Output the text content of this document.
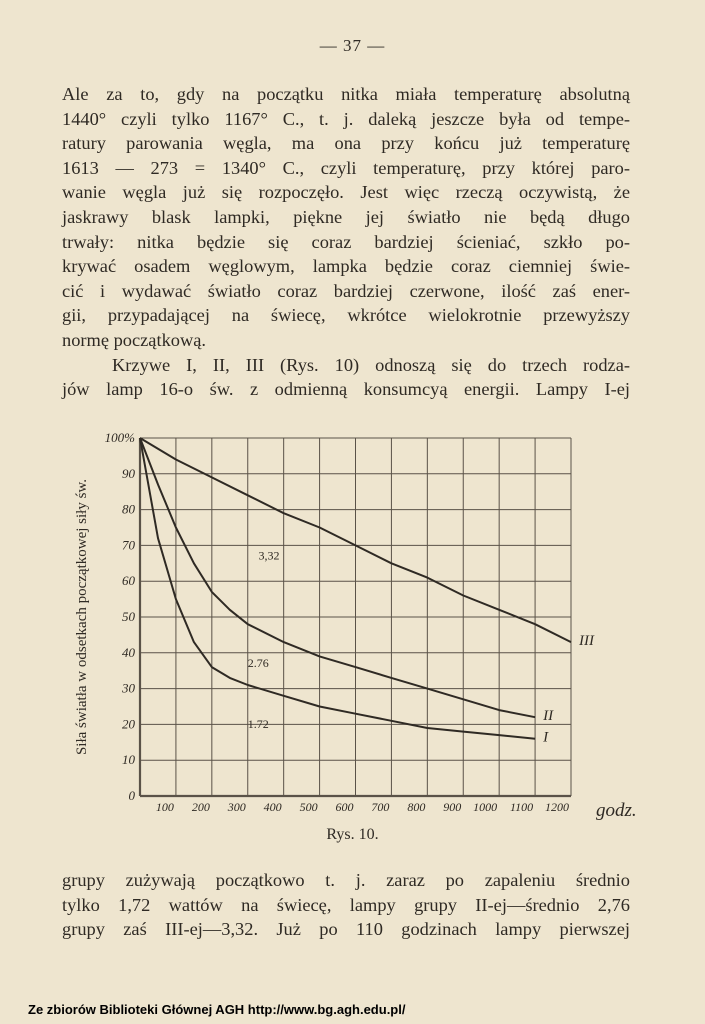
— 37 —
Ale za to, gdy na początku nitka miała temperaturę absolutną
1440° czyli tylko 1167° C., t. j. daleką jeszcze była od tempe-
ratury parowania węgla, ma ona przy końcu już temperaturę
1613 — 273 = 1340° C., czyli temperaturę, przy której paro-
wanie węgla już się rozpoczęło. Jest więc rzeczą oczywistą, że
jaskrawy blask lampki, piękne jej światło nie będą długo
trwały: nitka będzie się coraz bardziej ścieniać, szkło po-
krywać osadem węglowym, lampka będzie coraz ciemniej świe-
cić i wydawać światło coraz bardziej czerwone, ilość zaś ener-
gii, przypadającej na świecę, wkrótce wielokrotnie przewyższy
normę początkową.
Krzywe I, II, III (Rys. 10) odnoszą się do trzech rodza-
jów lamp 16-o św. z odmienną konsumcyą energii. Lampy I-ej
100%
90
80
70
60
50
40
30
20
10
0
100 200 300 400 500 600 700 800 900 1000 1100 1200 godz.
Siła światła w odsetkach początkowej siły św.	I
II
III
1.72
2.76
3,32
Rys. 10.
grupy zużywają początkowo t. j. zaraz po zapaleniu średnio
tylko 1,72 wattów na świecę, lampy grupy II-ej—średnio 2,76
grupy zaś III-ej—3,32. Już po 110 godzinach lampy pierwszej
Ze zbiorów Biblioteki Głównej AGH http://www.bg.agh.edu.pl/
